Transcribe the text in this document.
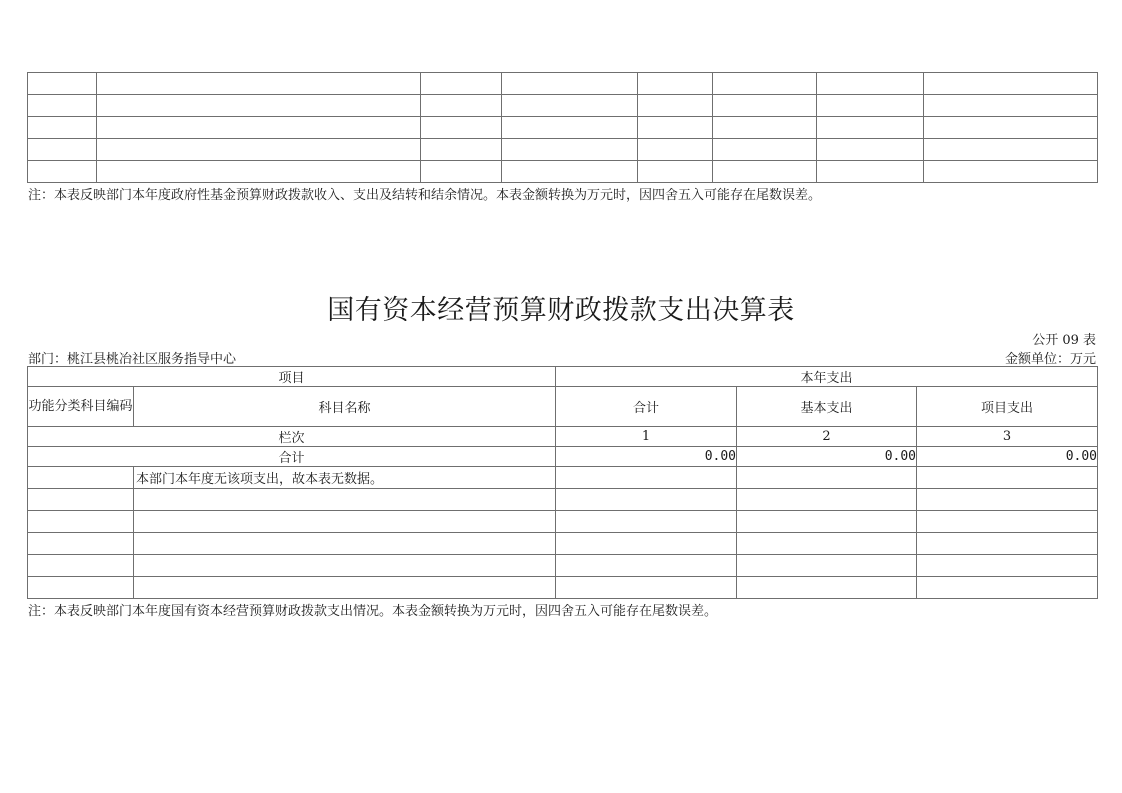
注：本表反映部门本年度政府性基金预算财政拨款收入、支出及结转和结余情况。本表金额转换为万元时，因四舍五入可能存在尾数误差。
国有资本经营预算财政拨款支出决算表
公开 09 表
部门：桃江县桃冶社区服务指导中心	金额单位：万元
项目		本年支出		
功能分类科目编码	科目名称	合计	基本支出	项目支出
栏次		1	2	3
合计		0.00	0.00	0.00
	本部门本年度无该项支出，故本表无数据。			

注：本表反映部门本年度国有资本经营预算财政拨款支出情况。本表金额转换为万元时，因四舍五入可能存在尾数误差。
